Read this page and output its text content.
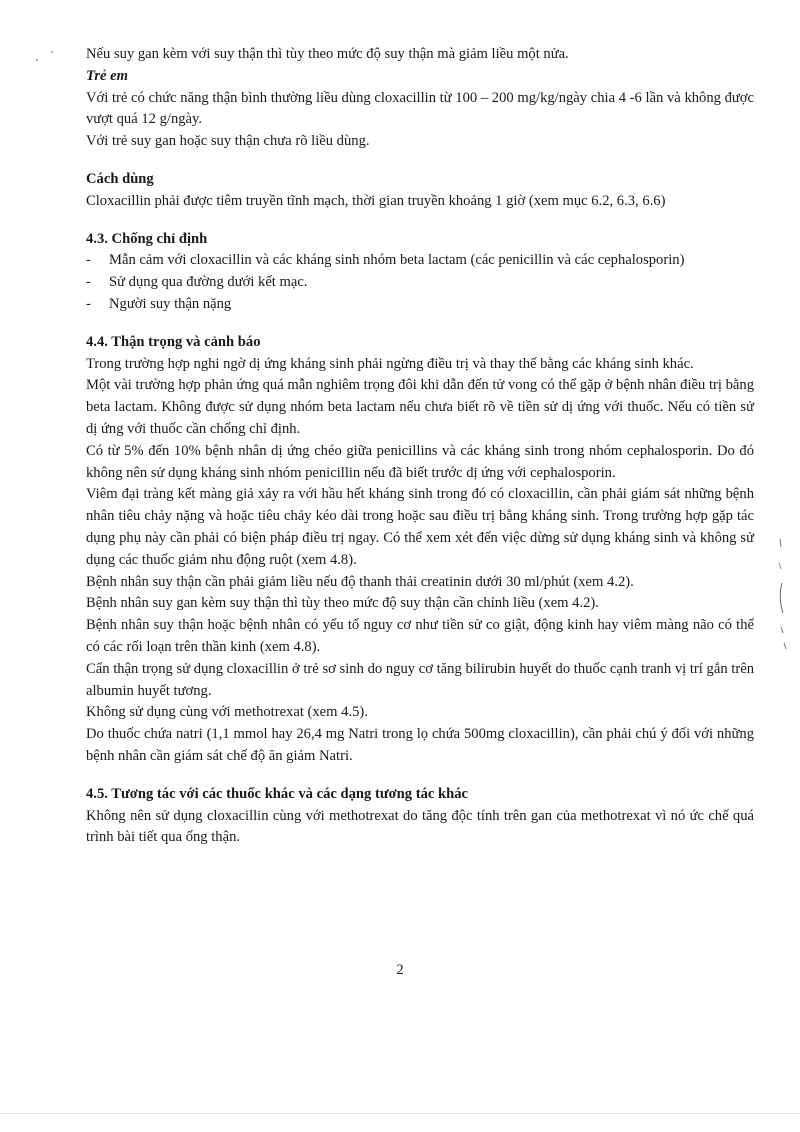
Nếu suy gan kèm với suy thận thì tùy theo mức độ suy thận mà giảm liều một nửa.
Trẻ em

Với trẻ có chức năng thận bình thường liều dùng cloxacillin từ 100 – 200 mg/kg/ngày chia 4 -6 lần và không được vượt quá 12 g/ngày.

Với trẻ suy gan hoặc suy thận chưa rõ liều dùng.

Cách dùng
Cloxacillin phải được tiêm truyền tĩnh mạch, thời gian truyền khoảng 1 giờ (xem mục 6.2, 6.3, 6.6)
4.3. Chống chỉ định
- Mẫn cảm với cloxacillin và các kháng sinh nhóm beta lactam (các penicillin và các cephalosporin)
- Sử dụng qua đường dưới kết mạc.
- Người suy thận nặng
4.4. Thận trọng và cảnh báo

Trong trường hợp nghi ngờ dị ứng kháng sinh phải ngừng điều trị và thay thế bằng các kháng sinh khác.

Một vài trường hợp phản ứng quá mẫn nghiêm trọng đôi khi dẫn đến tử vong có thể gặp ở bệnh nhân điều trị bằng beta lactam. Không được sử dụng nhóm beta lactam nếu chưa biết rõ về tiền sử dị ứng với thuốc. Nếu có tiền sử dị ứng với thuốc cần chống chỉ định.

Có từ 5% đến 10% bệnh nhân dị ứng chéo giữa penicillins và các kháng sinh trong nhóm cephalosporin. Do đó không nên sử dụng kháng sinh nhóm penicillin nếu đã biết trước dị ứng với cephalosporin.

Viêm đại tràng kết màng giả xảy ra với hầu hết kháng sinh trong đó có cloxacillin, cần phải giám sát những bệnh nhân tiêu chảy nặng và hoặc tiêu chảy kéo dài trong hoặc sau điều trị bằng kháng sinh. Trong trường hợp gặp tác dụng phụ này cần phải có biện pháp điều trị ngay. Có thể xem xét đến việc dừng sử dụng kháng sinh và không sử dụng các thuốc giảm nhu động ruột (xem 4.8).

Bệnh nhân suy thận cần phải giảm liều nếu độ thanh thải creatinin dưới 30 ml/phút (xem 4.2).

Bệnh nhân suy gan kèm suy thận thì tùy theo mức độ suy thận cần chỉnh liều (xem 4.2).

Bệnh nhân suy thận hoặc bệnh nhân có yếu tố nguy cơ như tiền sử co giật, động kinh hay viêm màng não có thể có các rối loạn trên thần kinh (xem 4.8).

Cẩn thận trọng sử dụng cloxacillin ở trẻ sơ sinh do nguy cơ tăng bilirubin huyết do thuốc cạnh tranh vị trí gắn trên albumin huyết tương.

Không sử dụng cùng với methotrexat (xem 4.5).

Do thuốc chứa natri (1,1 mmol hay 26,4 mg Natri trong lọ chứa 500mg cloxacillin), cần phải chú ý đối với những bệnh nhân cần giám sát chế độ ăn giảm Natri.

4.5. Tương tác với các thuốc khác và các dạng tương tác khác

Không nên sử dụng cloxacillin cùng với methotrexat do tăng độc tính trên gan của methotrexat vì nó ức chế quá trình bài tiết qua ống thận.

2
